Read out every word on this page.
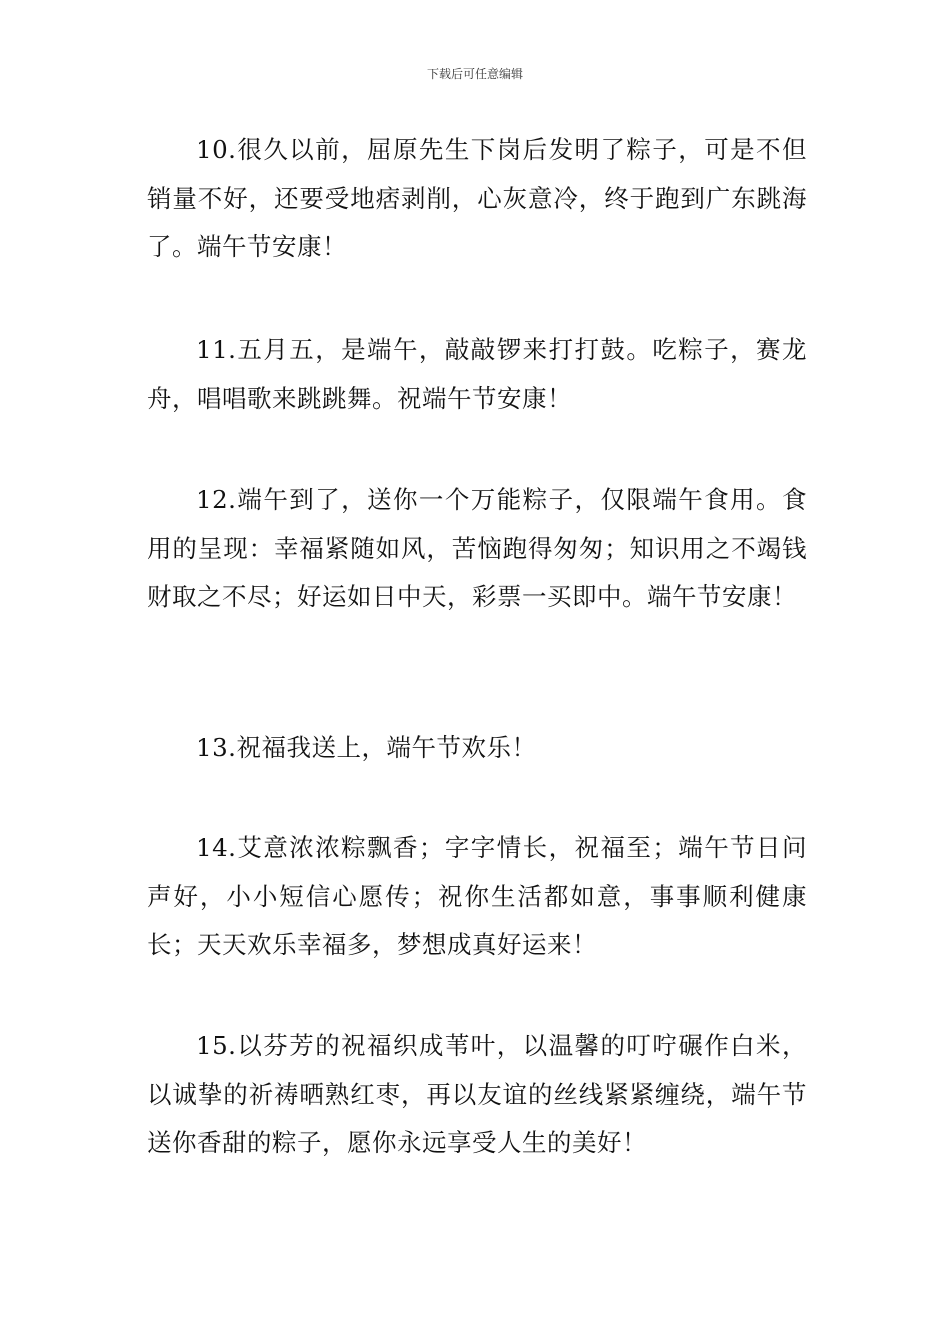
下载后可任意编辑

10.很久以前，屈原先生下岗后发明了粽子，可是不但销量不好，还要受地痞剥削，心灰意冷，终于跑到广东跳海了。端午节安康！

11.五月五，是端午，敲敲锣来打打鼓。吃粽子，赛龙舟，唱唱歌来跳跳舞。祝端午节安康！

12.端午到了，送你一个万能粽子，仅限端午食用。食用的呈现：幸福紧随如风，苦恼跑得匆匆；知识用之不竭钱财取之不尽；好运如日中天，彩票一买即中。端午节安康！

13.祝福我送上，端午节欢乐！

14.艾意浓浓粽飘香；字字情长，祝福至；端午节日问声好，小小短信心愿传；祝你生活都如意，事事顺利健康长；天天欢乐幸福多，梦想成真好运来！

15.以芬芳的祝福织成苇叶，以温馨的叮咛碾作白米，以诚挚的祈祷晒熟红枣，再以友谊的丝线紧紧缠绕，端午节送你香甜的粽子，愿你永远享受人生的美好！
